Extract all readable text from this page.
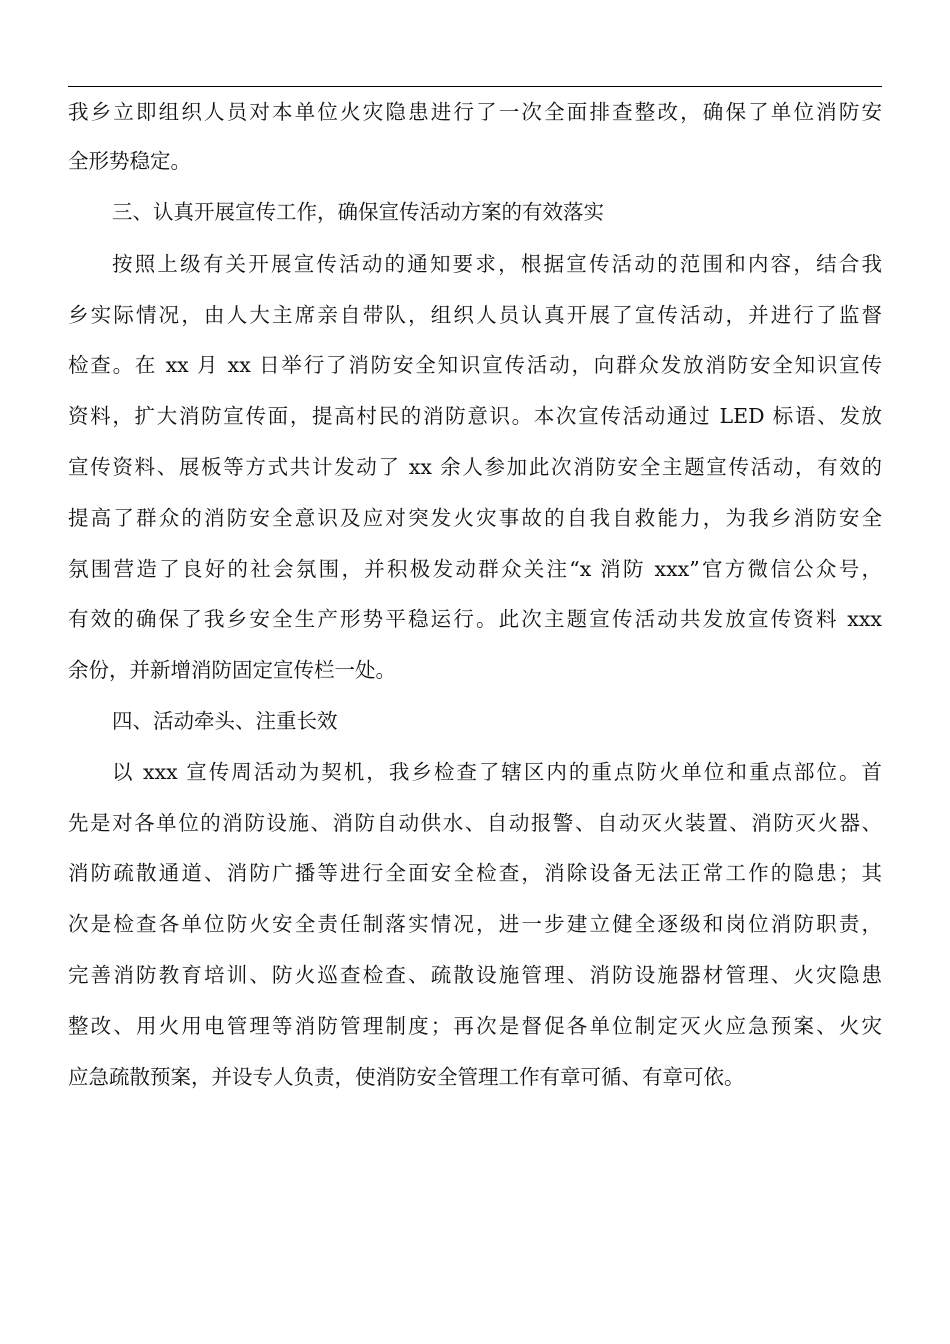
我乡立即组织人员对本单位火灾隐患进行了一次全面排查整改，确保了单位消防安
全形势稳定。
三、认真开展宣传工作，确保宣传活动方案的有效落实
按照上级有关开展宣传活动的通知要求，根据宣传活动的范围和内容，结合我
乡实际情况，由人大主席亲自带队，组织人员认真开展了宣传活动，并进行了监督
检查。在 xx 月 xx 日举行了消防安全知识宣传活动，向群众发放消防安全知识宣传
资料，扩大消防宣传面，提高村民的消防意识。本次宣传活动通过 LED 标语、发放
宣传资料、展板等方式共计发动了 xx 余人参加此次消防安全主题宣传活动，有效的
提高了群众的消防安全意识及应对突发火灾事故的自我自救能力，为我乡消防安全
氛围营造了良好的社会氛围，并积极发动群众关注“x 消防 xxx”官方微信公众号，
有效的确保了我乡安全生产形势平稳运行。此次主题宣传活动共发放宣传资料 xxx
余份，并新增消防固定宣传栏一处。
四、活动牵头、注重长效
以 xxx 宣传周活动为契机，我乡检查了辖区内的重点防火单位和重点部位。首
先是对各单位的消防设施、消防自动供水、自动报警、自动灭火装置、消防灭火器、
消防疏散通道、消防广播等进行全面安全检查，消除设备无法正常工作的隐患；其
次是检查各单位防火安全责任制落实情况，进一步建立健全逐级和岗位消防职责，
完善消防教育培训、防火巡查检查、疏散设施管理、消防设施器材管理、火灾隐患
整改、用火用电管理等消防管理制度；再次是督促各单位制定灭火应急预案、火灾
应急疏散预案，并设专人负责，使消防安全管理工作有章可循、有章可依。
